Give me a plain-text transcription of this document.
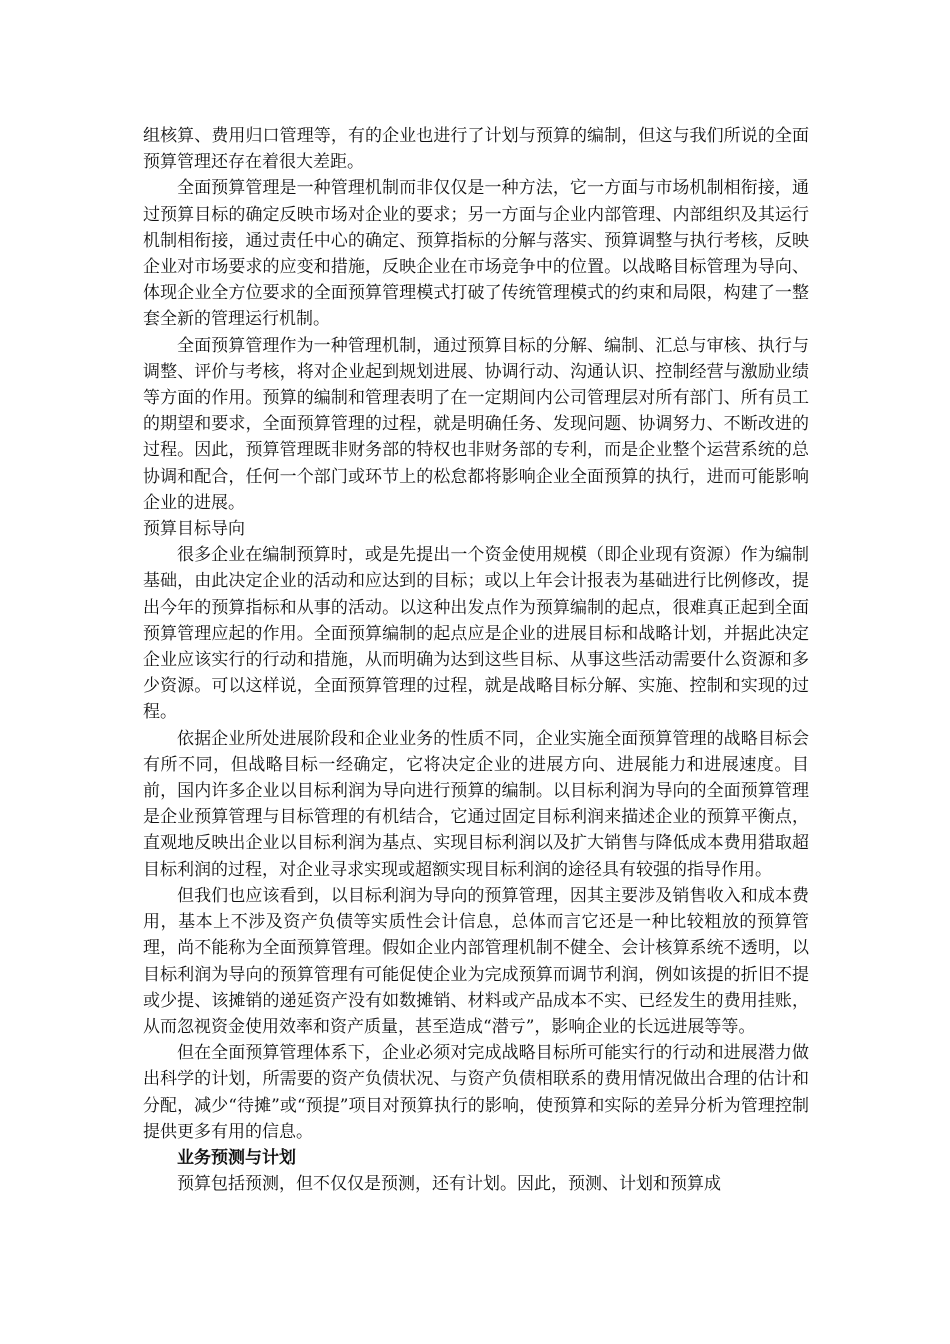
组核算、费用归口管理等，有的企业也进行了计划与预算的编制，但这与我们所说的全面预算管理还存在着很大差距。

全面预算管理是一种管理机制而非仅仅是一种方法，它一方面与市场机制相衔接，通过预算目标的确定反映市场对企业的要求；另一方面与企业内部管理、内部组织及其运行机制相衔接，通过责任中心的确定、预算指标的分解与落实、预算调整与执行考核，反映企业对市场要求的应变和措施，反映企业在市场竞争中的位置。以战略目标管理为导向、体现企业全方位要求的全面预算管理模式打破了传统管理模式的约束和局限，构建了一整套全新的管理运行机制。

全面预算管理作为一种管理机制，通过预算目标的分解、编制、汇总与审核、执行与调整、评价与考核，将对企业起到规划进展、协调行动、沟通认识、控制经营与激励业绩等方面的作用。预算的编制和管理表明了在一定期间内公司管理层对所有部门、所有员工的期望和要求，全面预算管理的过程，就是明确任务、发现问题、协调努力、不断改进的过程。因此，预算管理既非财务部的特权也非财务部的专利，而是企业整个运营系统的总协调和配合，任何一个部门或环节上的松怠都将影响企业全面预算的执行，进而可能影响企业的进展。

预算目标导向

很多企业在编制预算时，或是先提出一个资金使用规模（即企业现有资源）作为编制基础，由此决定企业的活动和应达到的目标；或以上年会计报表为基础进行比例修改，提出今年的预算指标和从事的活动。以这种出发点作为预算编制的起点，很难真正起到全面预算管理应起的作用。全面预算编制的起点应是企业的进展目标和战略计划，并据此决定企业应该实行的行动和措施，从而明确为达到这些目标、从事这些活动需要什么资源和多少资源。可以这样说，全面预算管理的过程，就是战略目标分解、实施、控制和实现的过程。

依据企业所处进展阶段和企业业务的性质不同，企业实施全面预算管理的战略目标会有所不同，但战略目标一经确定，它将决定企业的进展方向、进展能力和进展速度。目前，国内许多企业以目标利润为导向进行预算的编制。以目标利润为导向的全面预算管理是企业预算管理与目标管理的有机结合，它通过固定目标利润来描述企业的预算平衡点，直观地反映出企业以目标利润为基点、实现目标利润以及扩大销售与降低成本费用猎取超目标利润的过程，对企业寻求实现或超额实现目标利润的途径具有较强的指导作用。

但我们也应该看到，以目标利润为导向的预算管理，因其主要涉及销售收入和成本费用，基本上不涉及资产负债等实质性会计信息，总体而言它还是一种比较粗放的预算管理，尚不能称为全面预算管理。假如企业内部管理机制不健全、会计核算系统不透明，以目标利润为导向的预算管理有可能促使企业为完成预算而调节利润，例如该提的折旧不提或少提、该摊销的递延资产没有如数摊销、材料或产品成本不实、已经发生的费用挂账，从而忽视资金使用效率和资产质量，甚至造成“潜亏”，影响企业的长远进展等等。

但在全面预算管理体系下，企业必须对完成战略目标所可能实行的行动和进展潜力做出科学的计划，所需要的资产负债状况、与资产负债相联系的费用情况做出合理的估计和分配，减少“待摊”或“预提”项目对预算执行的影响，使预算和实际的差异分析为管理控制提供更多有用的信息。

业务预测与计划

预算包括预测，但不仅仅是预测，还有计划。因此，预测、计划和预算成
